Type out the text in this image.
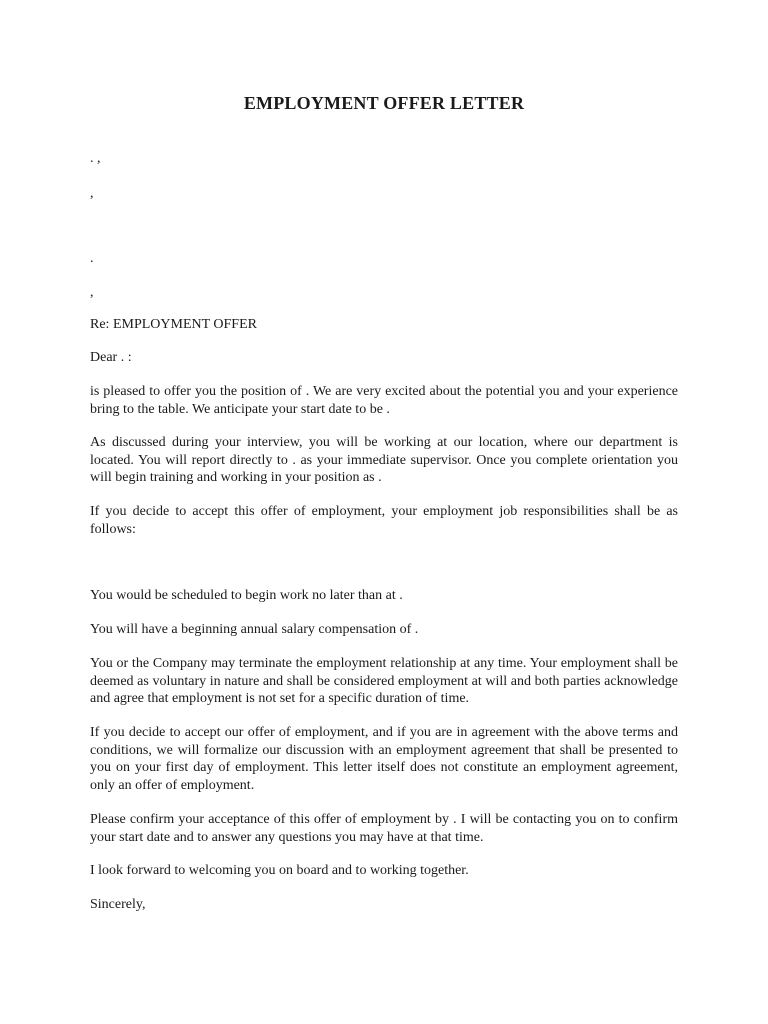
EMPLOYMENT OFFER LETTER

. ,

,

.

,

Re: EMPLOYMENT OFFER

Dear . :

is pleased to offer you the position of . We are very excited about the potential you and your experience bring to the table. We anticipate your start date to be .

As discussed during your interview, you will be working at our location, where our department is located. You will report directly to . as your immediate supervisor. Once you complete orientation you will begin training and working in your position as .

If you decide to accept this offer of employment, your employment job responsibilities shall be as follows:

You would be scheduled to begin work no later than at .

You will have a beginning annual salary compensation of .

You or the Company may terminate the employment relationship at any time. Your employment shall be deemed as voluntary in nature and shall be considered employment at will and both parties acknowledge and agree that employment is not set for a specific duration of time.

If you decide to accept our offer of employment, and if you are in agreement with the above terms and conditions, we will formalize our discussion with an employment agreement that shall be presented to you on your first day of employment. This letter itself does not constitute an employment agreement, only an offer of employment.

Please confirm your acceptance of this offer of employment by . I will be contacting you on to confirm your start date and to answer any questions you may have at that time.

I look forward to welcoming you on board and to working together.

Sincerely,
